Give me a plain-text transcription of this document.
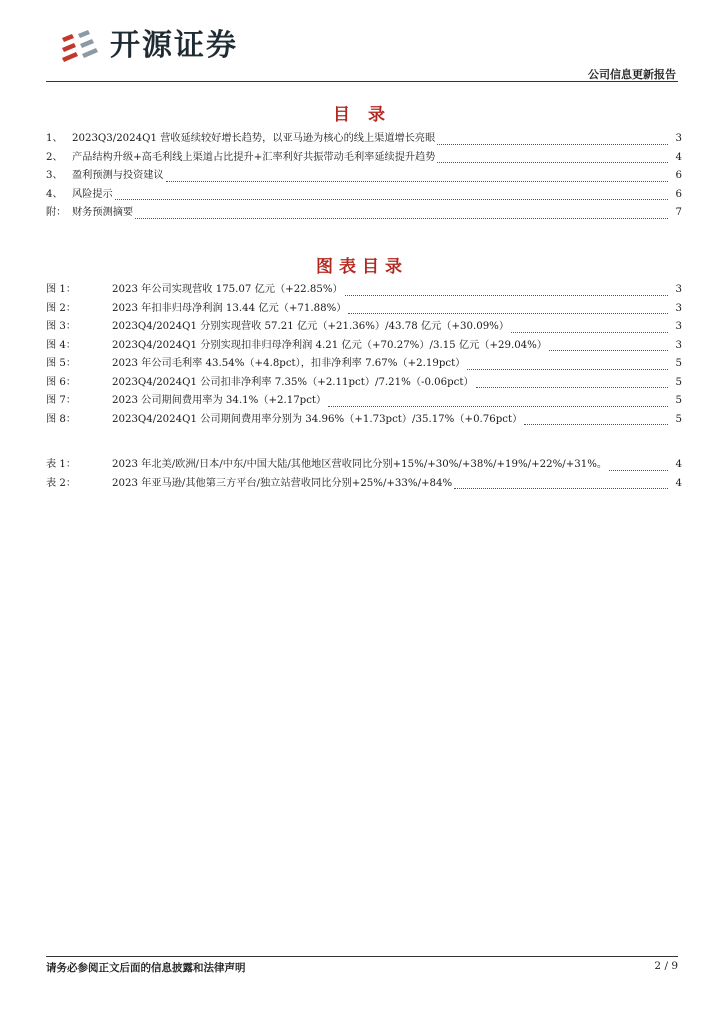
开源证券
公司信息更新报告
目 录
1、 2023Q3/2024Q1 营收延续较好增长趋势，以亚马逊为核心的线上渠道增长亮眼	3
2、 产品结构升级+高毛利线上渠道占比提升+汇率利好共振带动毛利率延续提升趋势	4
3、 盈利预测与投资建议	6
4、 风险提示	6
附： 财务预测摘要	7
图表目录
图 1：	2023 年公司实现营收 175.07 亿元（+22.85%）	3
图 2：	2023 年扣非归母净利润 13.44 亿元（+71.88%）	3
图 3：	2023Q4/2024Q1 分别实现营收 57.21 亿元（+21.36%）/43.78 亿元（+30.09%）	3
图 4：	2023Q4/2024Q1 分别实现扣非归母净利润 4.21 亿元（+70.27%）/3.15 亿元（+29.04%）	3
图 5：	2023 年公司毛利率 43.54%（+4.8pct），扣非净利率 7.67%（+2.19pct）	5
图 6：	2023Q4/2024Q1 公司扣非净利率 7.35%（+2.11pct）/7.21%（-0.06pct）	5
图 7：	2023 公司期间费用率为 34.1%（+2.17pct）	5
图 8：	2023Q4/2024Q1 公司期间费用率分别为 34.96%（+1.73pct）/35.17%（+0.76pct）	5
表 1：	2023 年北美/欧洲/日本/中东/中国大陆/其他地区营收同比分别+15%/+30%/+38%/+19%/+22%/+31%。	4
表 2：	2023 年亚马逊/其他第三方平台/独立站营收同比分别+25%/+33%/+84%	4
请务必参阅正文后面的信息披露和法律声明	2 / 9
